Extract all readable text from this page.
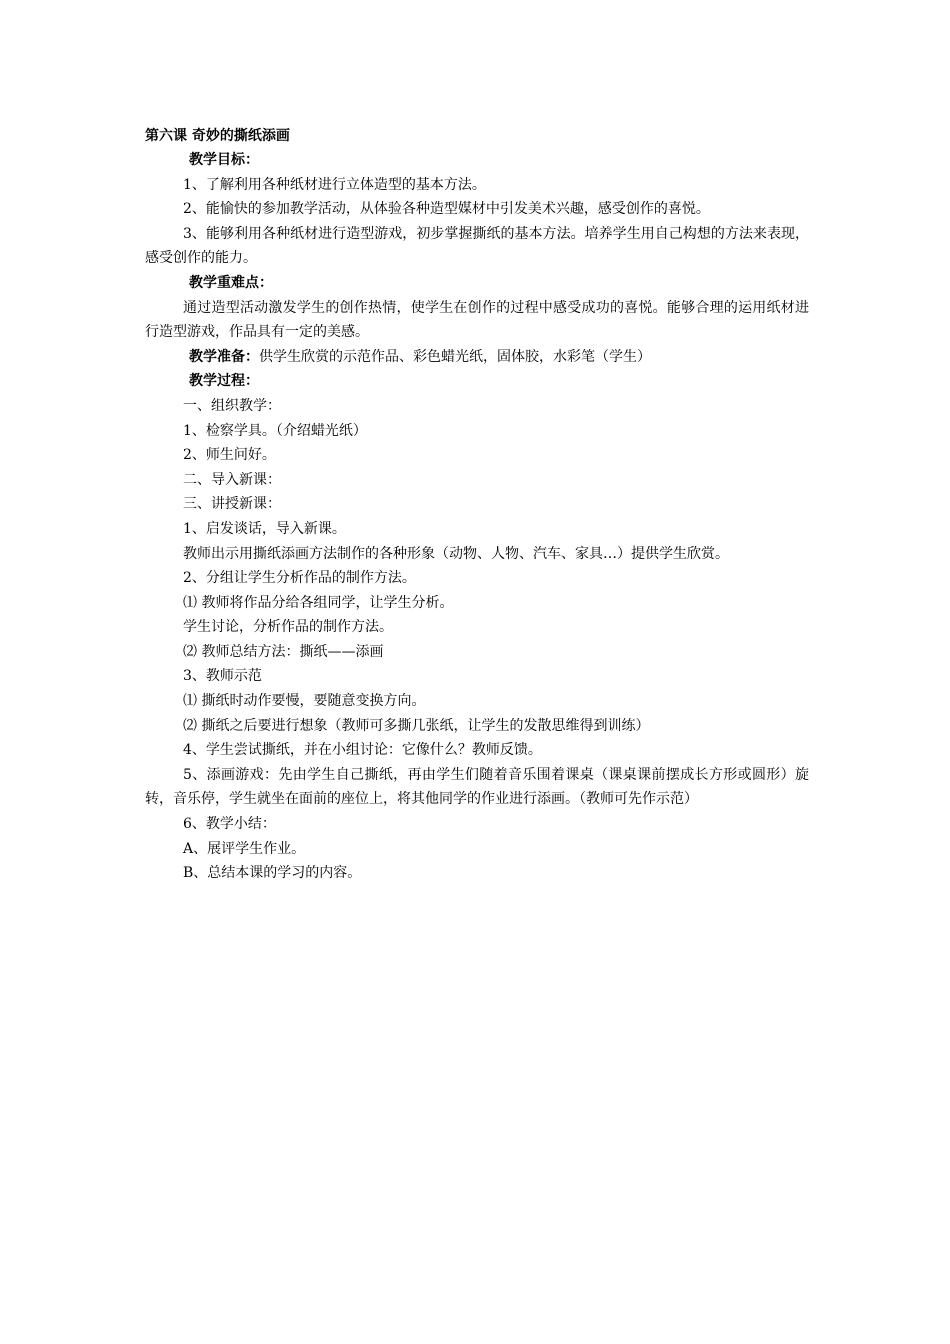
第六课 奇妙的撕纸添画
教学目标：
1、了解利用各种纸材进行立体造型的基本方法。
2、能愉快的参加教学活动，从体验各种造型媒材中引发美术兴趣，感受创作的喜悦。
3、能够利用各种纸材进行造型游戏，初步掌握撕纸的基本方法。培养学生用自己构想的方法来表现，感受创作的能力。
教学重难点：
通过造型活动激发学生的创作热情，使学生在创作的过程中感受成功的喜悦。能够合理的运用纸材进行造型游戏，作品具有一定的美感。
教学准备：供学生欣赏的示范作品、彩色蜡光纸，固体胶，水彩笔（学生）
教学过程：
一、组织教学：
1、检察学具。（介绍蜡光纸）
2、师生问好。
二、导入新课：
三、讲授新课：
1、启发谈话，导入新课。
教师出示用撕纸添画方法制作的各种形象（动物、人物、汽车、家具…）提供学生欣赏。
2、分组让学生分析作品的制作方法。
⑴ 教师将作品分给各组同学，让学生分析。
学生讨论，分析作品的制作方法。
⑵ 教师总结方法：撕纸——添画
3、教师示范
⑴ 撕纸时动作要慢，要随意变换方向。
⑵ 撕纸之后要进行想象（教师可多撕几张纸，让学生的发散思维得到训练）
4、学生尝试撕纸，并在小组讨论：它像什么？教师反馈。
5、添画游戏：先由学生自己撕纸，再由学生们随着音乐围着课桌（课桌课前摆成长方形或圆形）旋转，音乐停，学生就坐在面前的座位上，将其他同学的作业进行添画。（教师可先作示范）
6、教学小结：
A、展评学生作业。
B、总结本课的学习的内容。
